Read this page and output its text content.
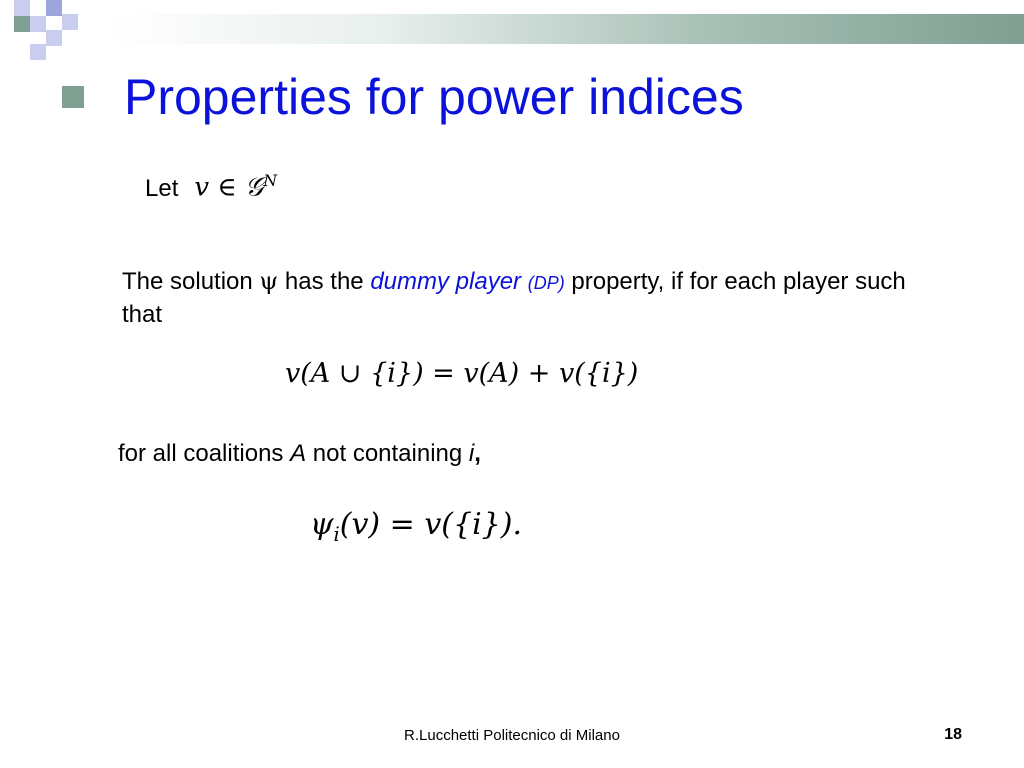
Properties for power indices
Let v ∈ 𝒢$^N$
The solution ψ has the dummy player (DP) property, if for each player such that
v(A ∪ {i}) = v(A) + v({i})
for all coalitions A not containing i,
$\psi_i(v) = v(\{i\})$.
R.Lucchetti Politecnico di Milano	18
